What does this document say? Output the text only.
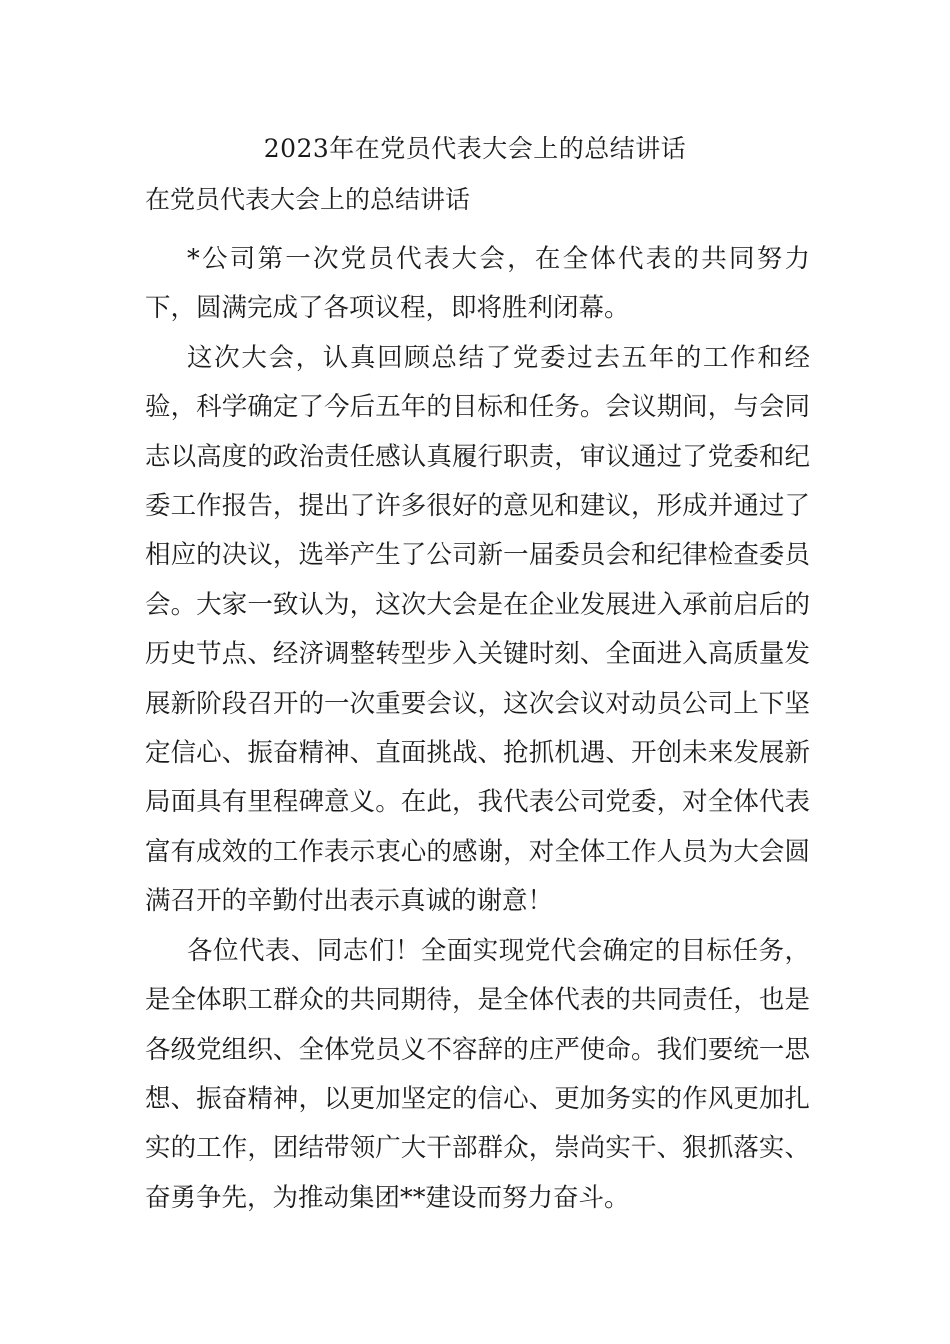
2023年在党员代表大会上的总结讲话
在党员代表大会上的总结讲话

*公司第一次党员代表大会，在全体代表的共同努力下，圆满完成了各项议程，即将胜利闭幕。

这次大会，认真回顾总结了党委过去五年的工作和经验，科学确定了今后五年的目标和任务。会议期间，与会同志以高度的政治责任感认真履行职责，审议通过了党委和纪委工作报告，提出了许多很好的意见和建议，形成并通过了相应的决议，选举产生了公司新一届委员会和纪律检查委员会。大家一致认为，这次大会是在企业发展进入承前启后的历史节点、经济调整转型步入关键时刻、全面进入高质量发展新阶段召开的一次重要会议，这次会议对动员公司上下坚定信心、振奋精神、直面挑战、抢抓机遇、开创未来发展新局面具有里程碑意义。在此，我代表公司党委，对全体代表富有成效的工作表示衷心的感谢，对全体工作人员为大会圆满召开的辛勤付出表示真诚的谢意！

各位代表、同志们！全面实现党代会确定的目标任务，是全体职工群众的共同期待，是全体代表的共同责任，也是各级党组织、全体党员义不容辞的庄严使命。我们要统一思想、振奋精神，以更加坚定的信心、更加务实的作风更加扎实的工作，团结带领广大干部群众，崇尚实干、狠抓落实、奋勇争先，为推动集团**建设而努力奋斗。
